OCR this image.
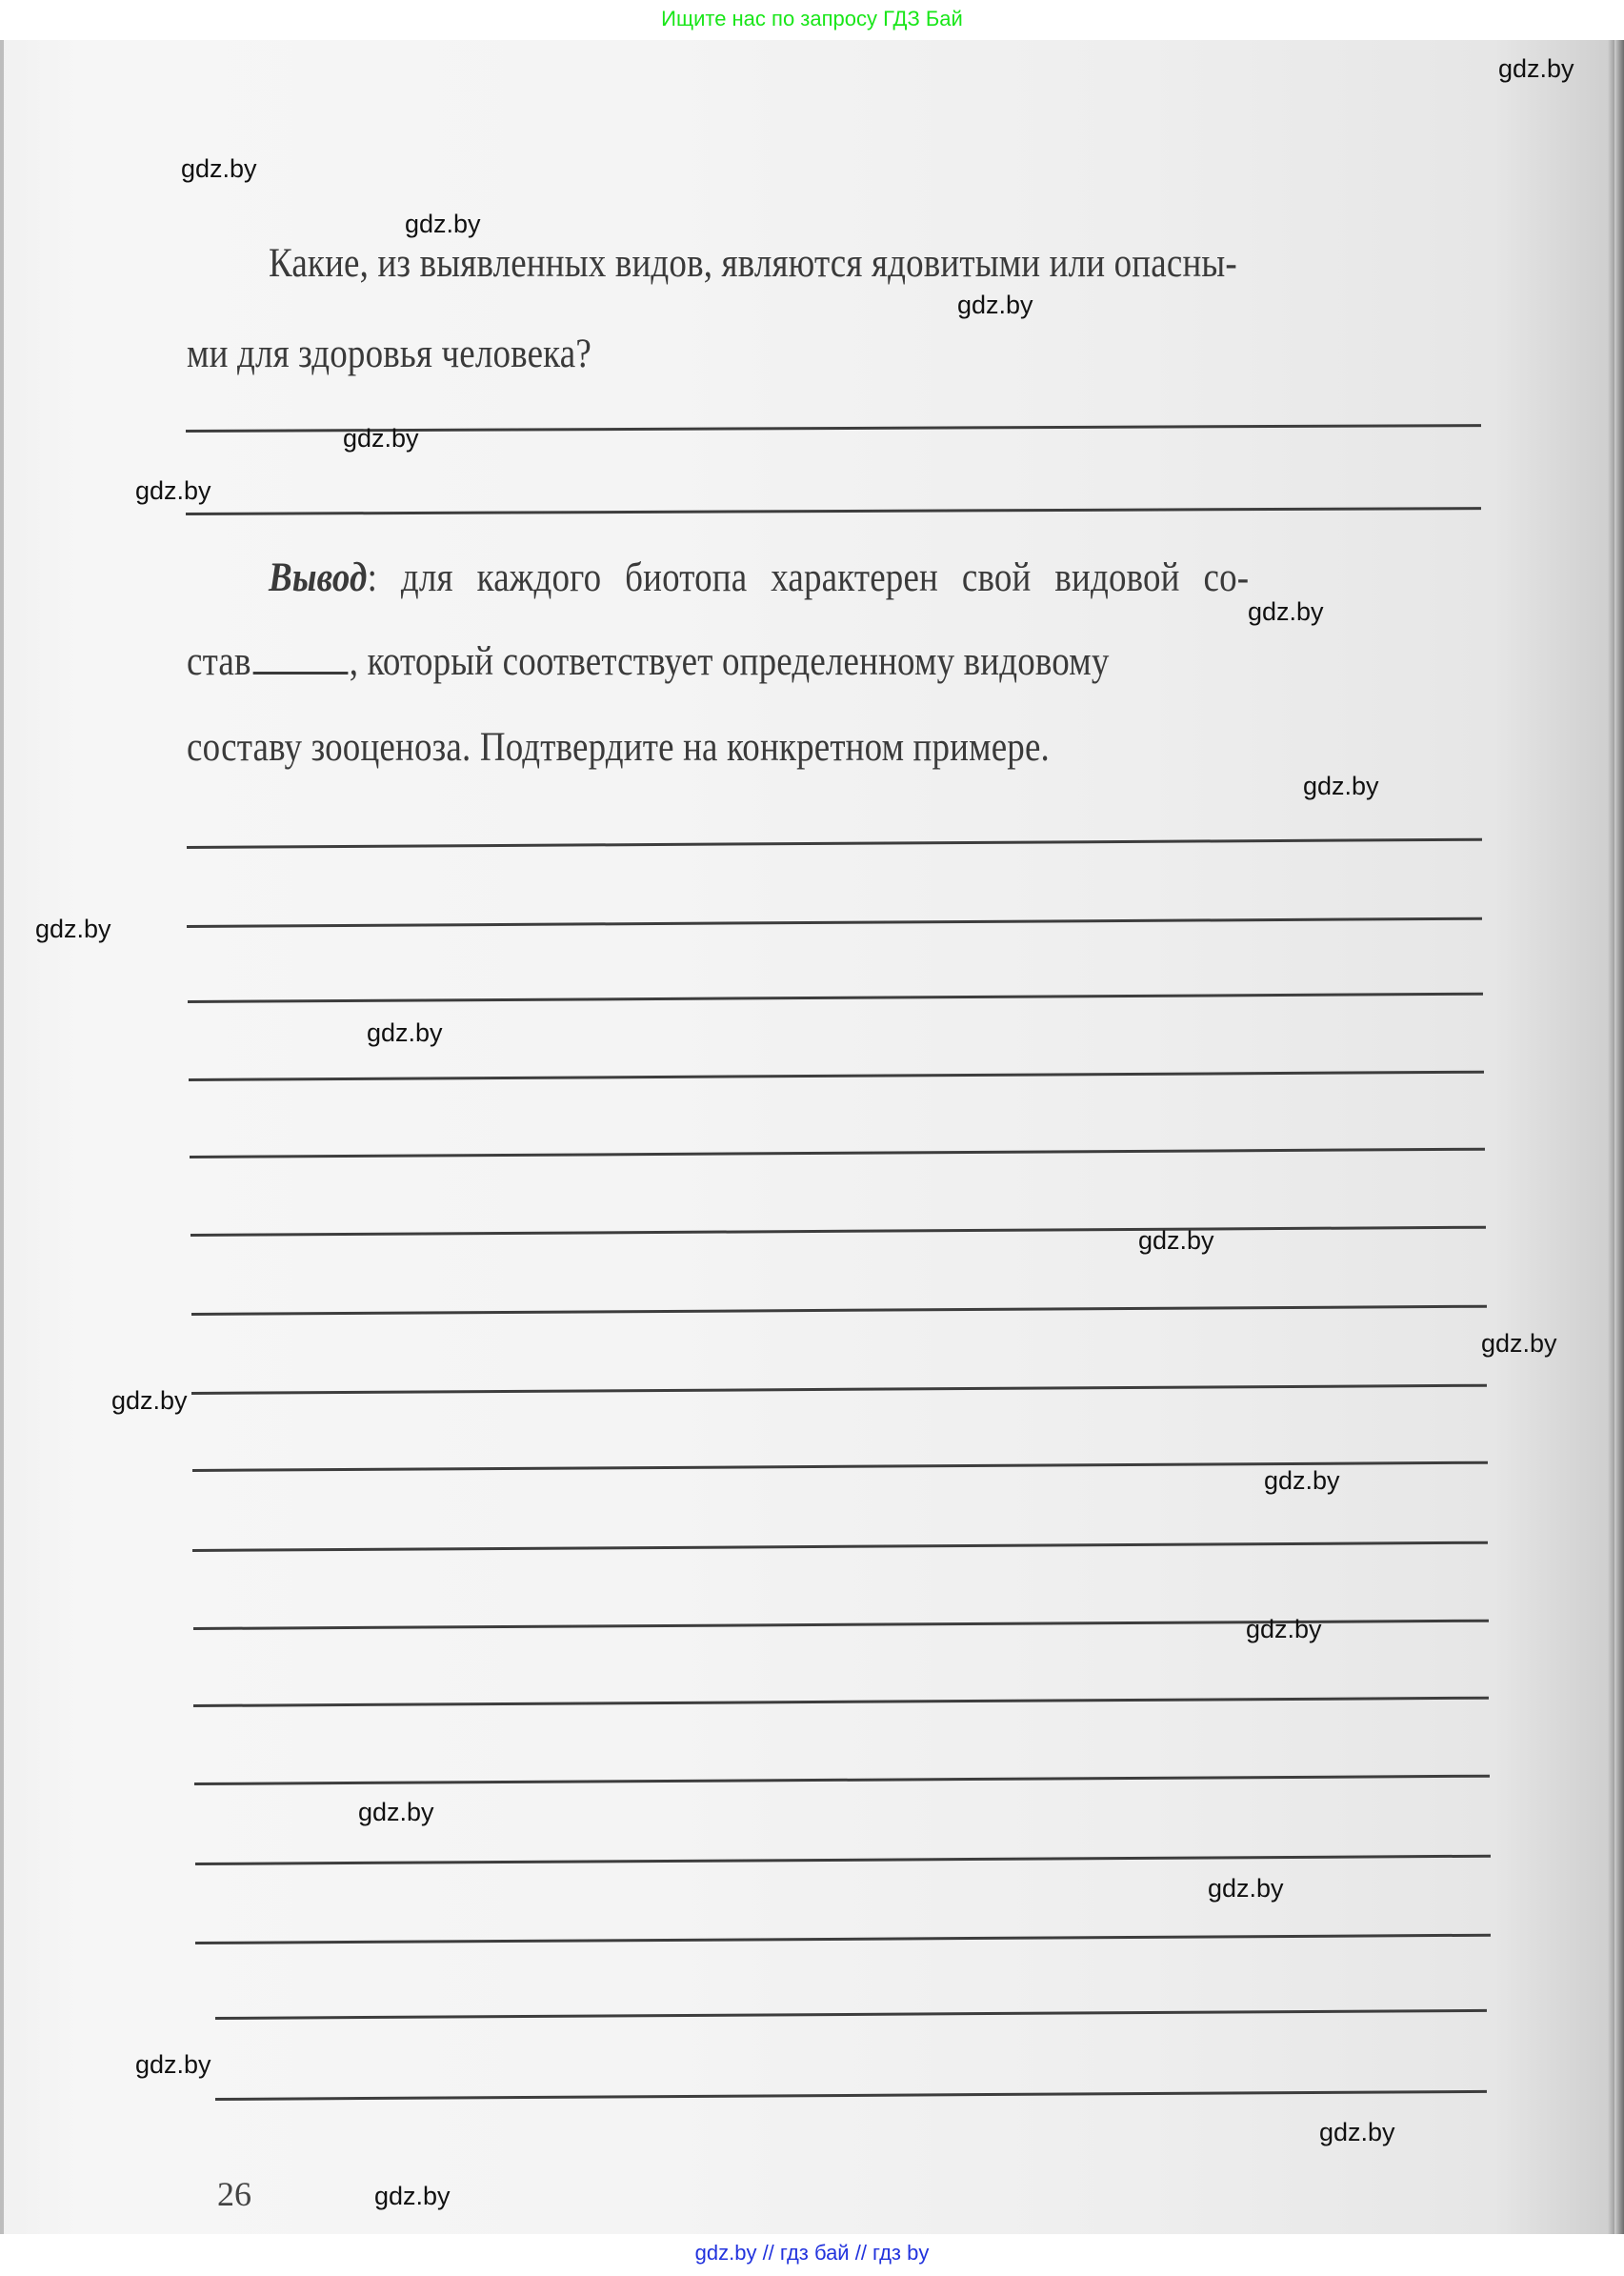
Ищите нас по запросу ГДЗ Бай
Какие, из выявленных видов, являются ядовитыми или опасны-
ми для здоровья человека?
Вывод: для каждого биотопа характерен свой видовой со-
став , который соответствует определенному видовому
составу зооценоза. Подтвердите на конкретном примере.
26
gdz.by
gdz.by
gdz.by
gdz.by
gdz.by
gdz.by
gdz.by
gdz.by
gdz.by
gdz.by
gdz.by
gdz.by
gdz.by
gdz.by
gdz.by
gdz.by
gdz.by
gdz.by
gdz.by
gdz.by
gdz.by // гдз бай // гдз by
